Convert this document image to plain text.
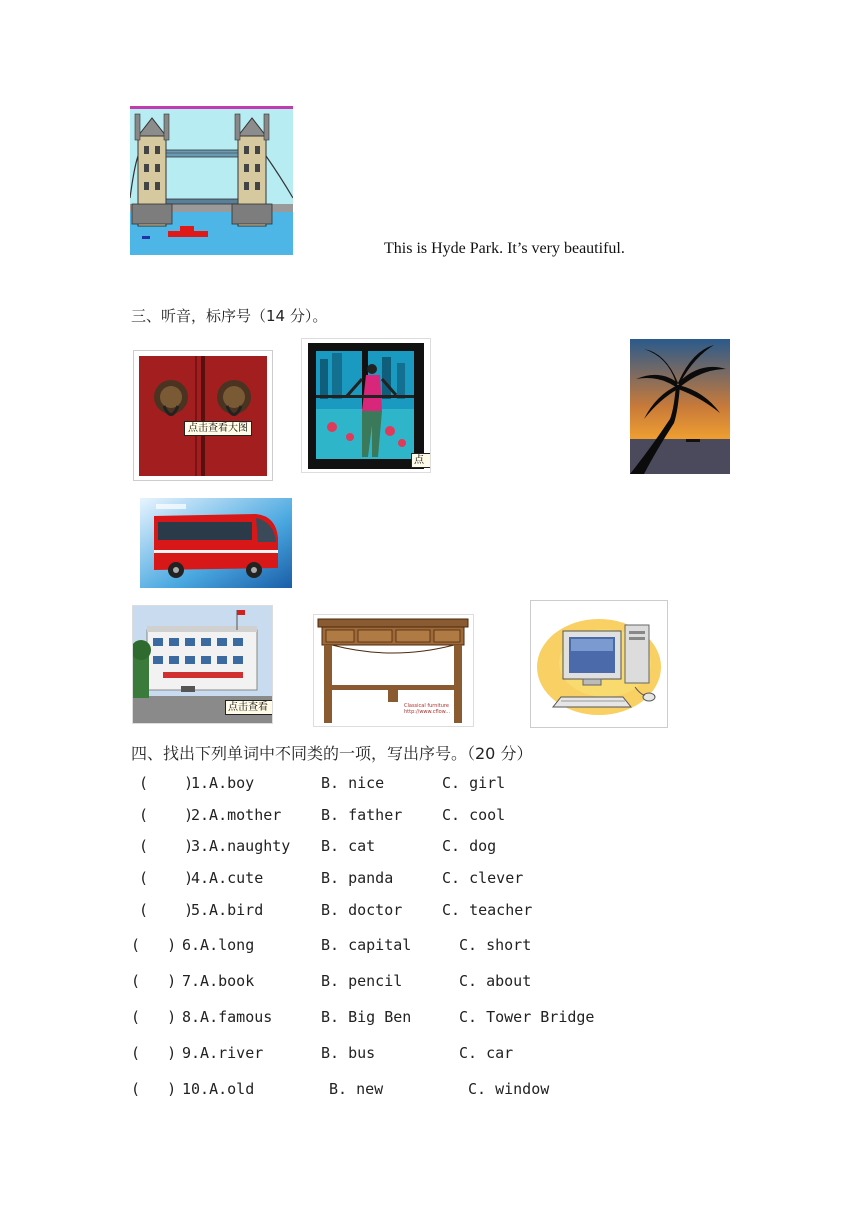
This is Hyde Park. It’s very beautiful.
三、听音，标序号（14 分）。
点击查看大图
点
点击查看	Classical furniture http://www.cflow...
四、找出下列单词中不同类的一项，写出序号。（20 分）
(    )
1.A.boy	B. nice	C. girl
(    )
2.A.mother	B. father	C. cool
(    )
3.A.naughty B. cat	C. dog
(    )
4.A.cute	B. panda	C. clever
(    )
5.A.bird	B. doctor	C. teacher
(   ) 6.A.long	B. capital	C. short
(   ) 7.A.book	B. pencil	C. about
(   ) 8.A.famous	B. Big Ben	C. Tower Bridge
(   ) 9.A.river	B. bus	C. car
(   ) 10.A.old	B. new	C. window
